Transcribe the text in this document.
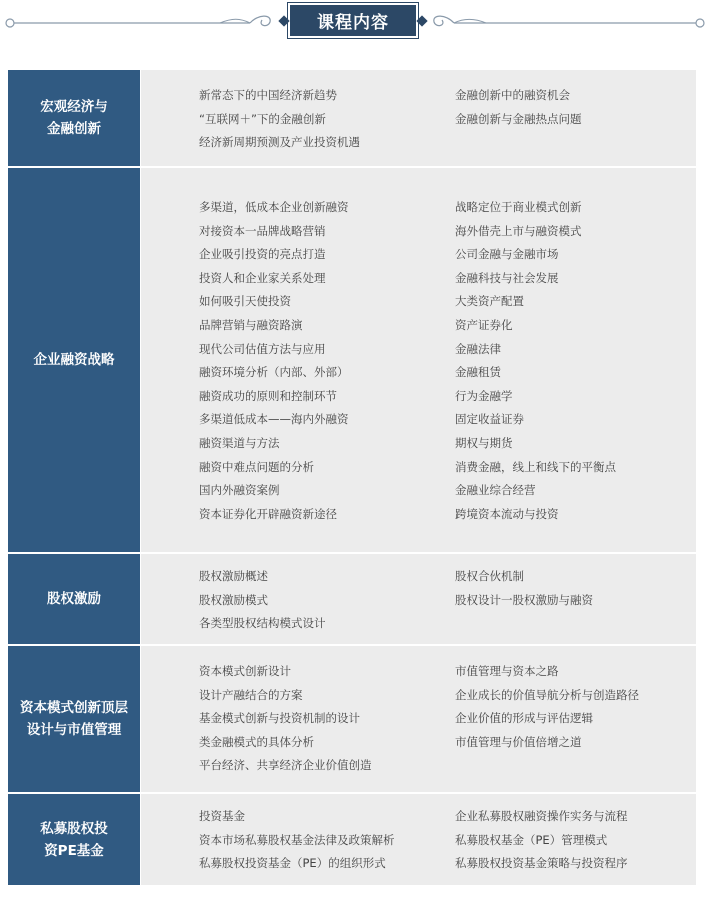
课程内容
宏观经济与
金融创新
新常态下的中国经济新趋势
“互联网＋”下的金融创新
经济新周期预测及产业投资机遇
金融创新中的融资机会
金融创新与金融热点问题
企业融资战略
多渠道，低成本企业创新融资
对接资本一品牌战略营销
企业吸引投资的亮点打造
投资人和企业家关系处理
如何吸引天使投资
品牌营销与融资路演
现代公司估值方法与应用
融资环境分析（内部、外部）
融资成功的原则和控制环节
多渠道低成本——海内外融资
融资渠道与方法
融资中难点问题的分析
国内外融资案例
资本证券化开辟融资新途径
战略定位于商业模式创新
海外借壳上市与融资模式
公司金融与金融市场
金融科技与社会发展
大类资产配置
资产证券化
金融法律
金融租赁
行为金融学
固定收益证券
期权与期货
消费金融，线上和线下的平衡点
金融业综合经营
跨境资本流动与投资
股权激励
股权激励概述
股权激励模式
各类型股权结构模式设计
股权合伙机制
股权设计一股权激励与融资
资本模式创新顶层
设计与市值管理
资本模式创新设计
设计产融结合的方案
基金模式创新与投资机制的设计
类金融模式的具体分析
平台经济、共享经济企业价值创造
市值管理与资本之路
企业成长的价值导航分析与创造路径
企业价值的形成与评估逻辑
市值管理与价值倍增之道
私募股权投
资PE基金
投资基金
资本市场私募股权基金法律及政策解析
私募股权投资基金（PE）的组织形式
企业私募股权融资操作实务与流程
私募股权基金（PE）管理模式
私募股权投资基金策略与投资程序
